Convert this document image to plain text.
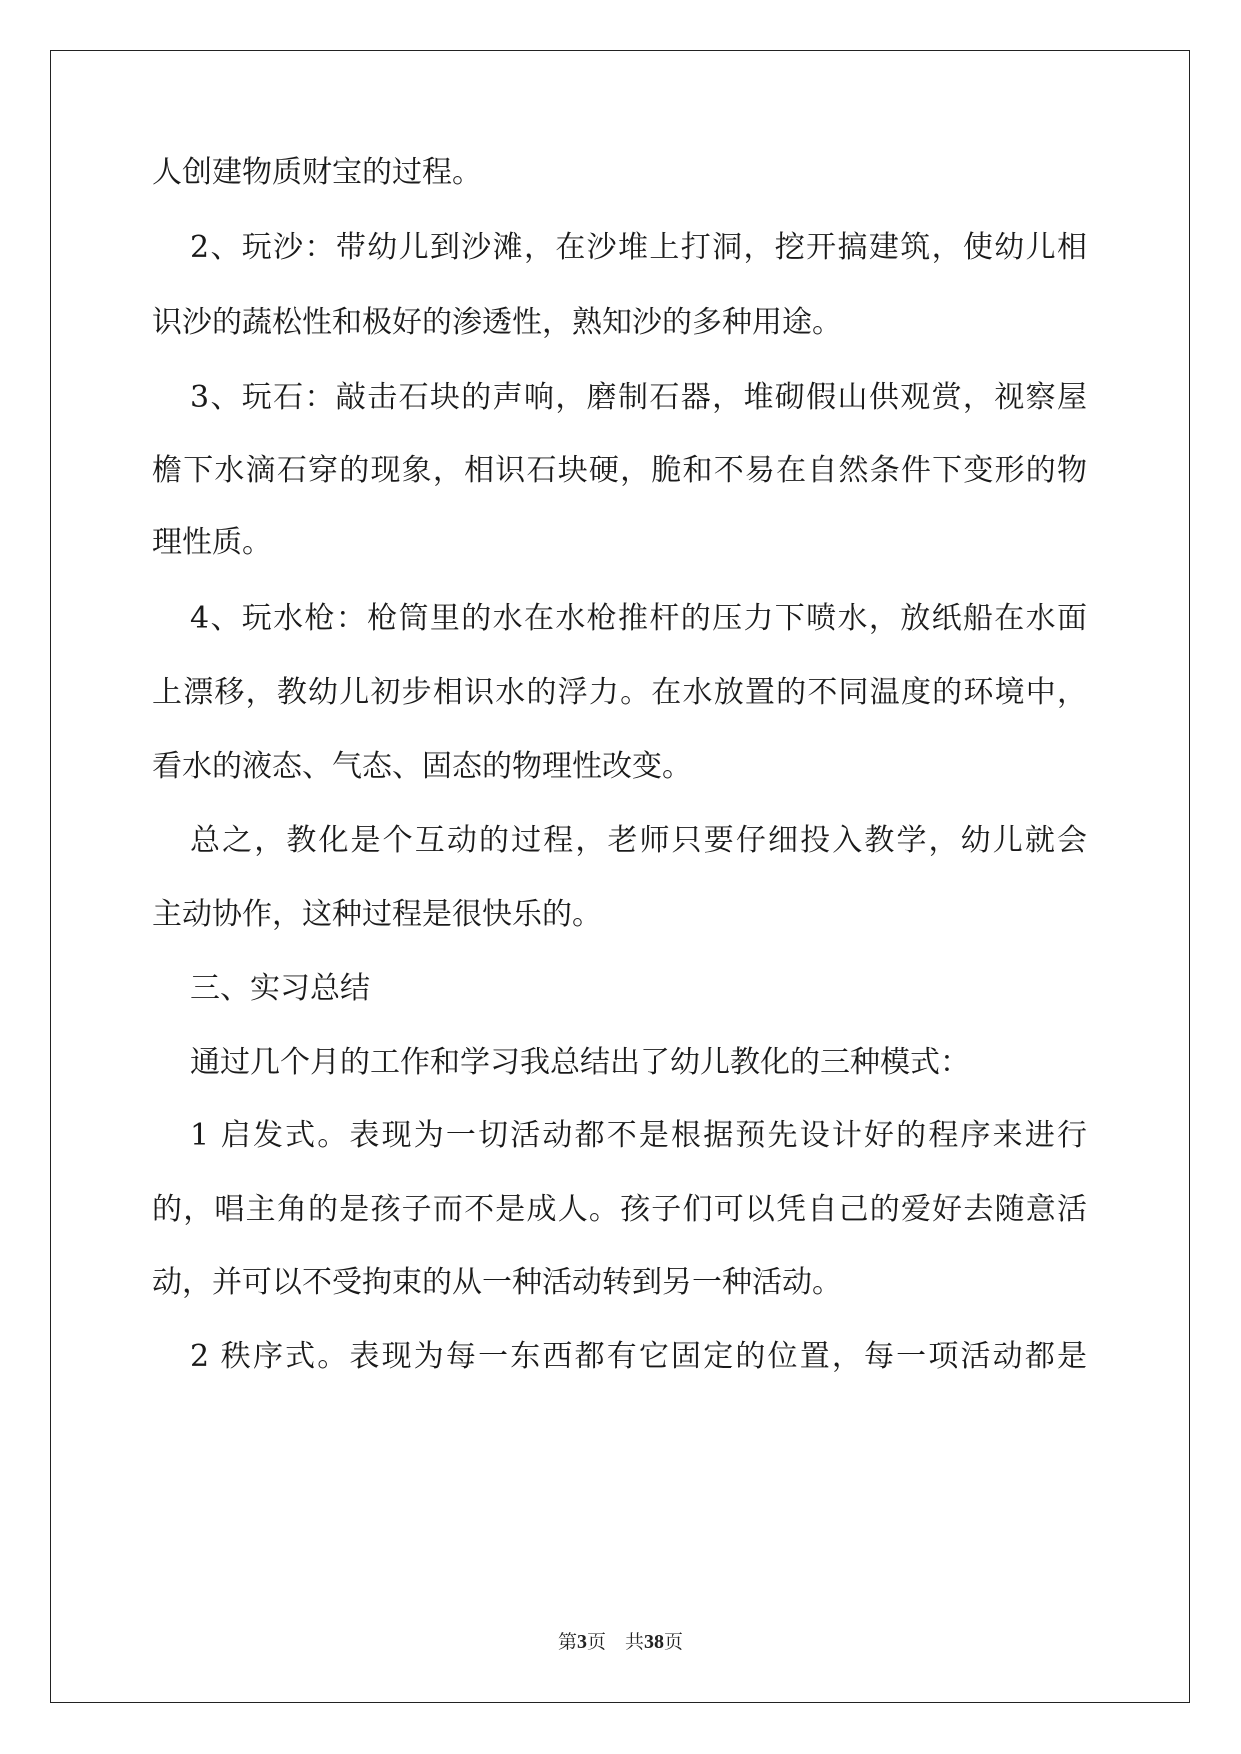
人创建物质财宝的过程。

2、玩沙：带幼儿到沙滩，在沙堆上打洞，挖开搞建筑，使幼儿相

识沙的蔬松性和极好的渗透性，熟知沙的多种用途。

3、玩石：敲击石块的声响，磨制石器，堆砌假山供观赏，视察屋

檐下水滴石穿的现象，相识石块硬，脆和不易在自然条件下变形的物

理性质。

4、玩水枪：枪筒里的水在水枪推杆的压力下喷水，放纸船在水面

上漂移，教幼儿初步相识水的浮力。在水放置的不同温度的环境中，

看水的液态、气态、固态的物理性改变。

总之，教化是个互动的过程，老师只要仔细投入教学，幼儿就会

主动协作，这种过程是很快乐的。

三、实习总结

通过几个月的工作和学习我总结出了幼儿教化的三种模式：

1 启发式。表现为一切活动都不是根据预先设计好的程序来进行

的，唱主角的是孩子而不是成人。孩子们可以凭自己的爱好去随意活

动，并可以不受拘束的从一种活动转到另一种活动。

2 秩序式。表现为每一东西都有它固定的位置，每一项活动都是

第3页　共38页
